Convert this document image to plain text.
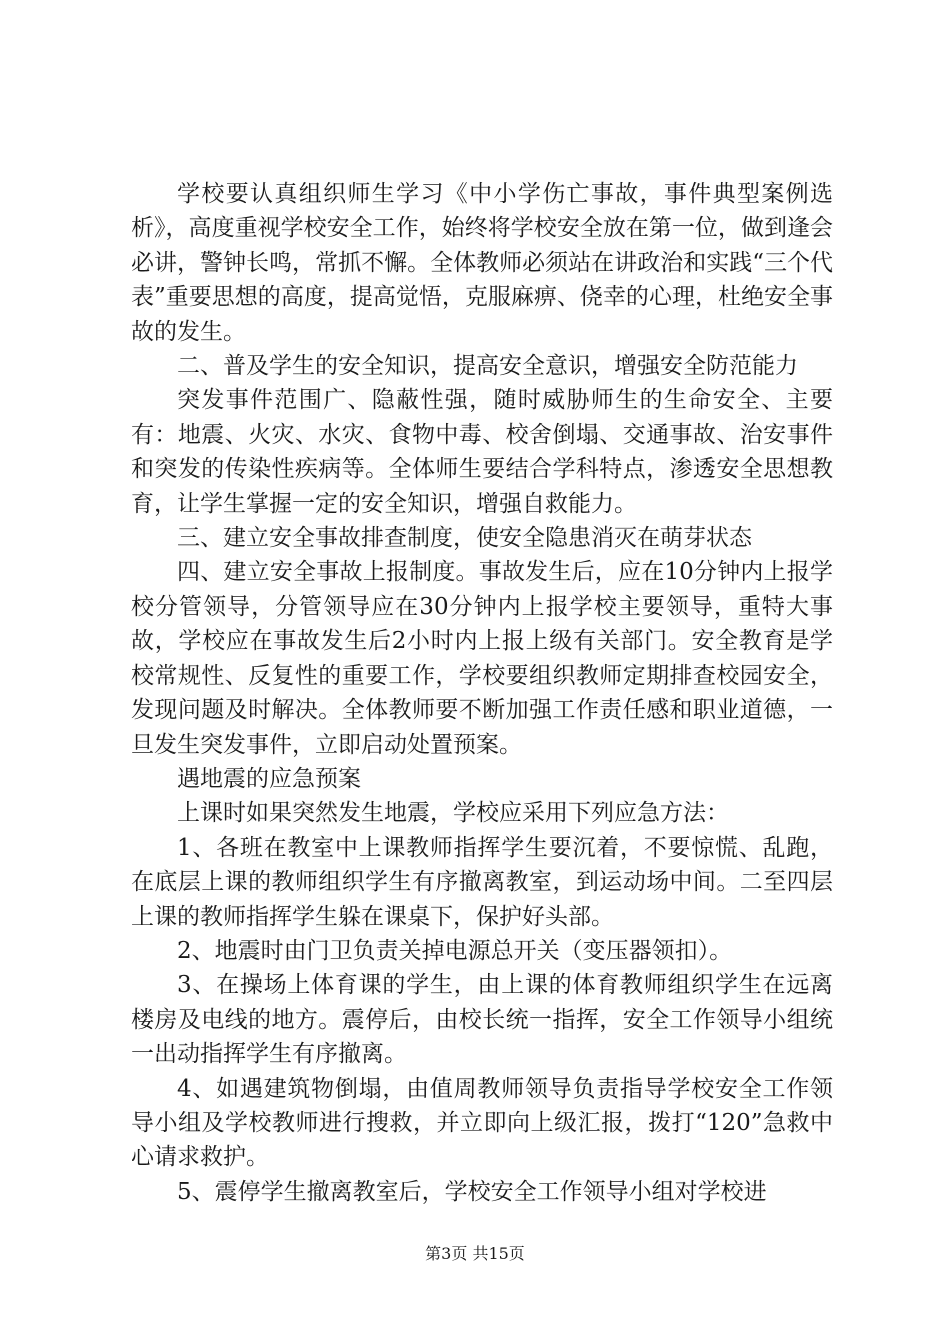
学校要认真组织师生学习《中小学伤亡事故，事件典型案例选析》，高度重视学校安全工作，始终将学校安全放在第一位，做到逢会必讲，警钟长鸣，常抓不懈。全体教师必须站在讲政治和实践“三个代表”重要思想的高度，提高觉悟，克服麻痹、侥幸的心理，杜绝安全事故的发生。

二、普及学生的安全知识，提高安全意识，增强安全防范能力

突发事件范围广、隐蔽性强，随时威胁师生的生命安全、主要有：地震、火灾、水灾、食物中毒、校舍倒塌、交通事故、治安事件和突发的传染性疾病等。全体师生要结合学科特点，渗透安全思想教育，让学生掌握一定的安全知识，增强自救能力。

三、建立安全事故排查制度，使安全隐患消灭在萌芽状态

四、建立安全事故上报制度。事故发生后，应在10分钟内上报学校分管领导，分管领导应在30分钟内上报学校主要领导，重特大事故，学校应在事故发生后2小时内上报上级有关部门。安全教育是学校常规性、反复性的重要工作，学校要组织教师定期排查校园安全，发现问题及时解决。全体教师要不断加强工作责任感和职业道德，一旦发生突发事件，立即启动处置预案。

遇地震的应急预案

上课时如果突然发生地震，学校应采用下列应急方法：

1、各班在教室中上课教师指挥学生要沉着，不要惊慌、乱跑，在底层上课的教师组织学生有序撤离教室，到运动场中间。二至四层上课的教师指挥学生躲在课桌下，保护好头部。

2、地震时由门卫负责关掉电源总开关（变压器领扣）。

3、在操场上体育课的学生，由上课的体育教师组织学生在远离楼房及电线的地方。震停后，由校长统一指挥，安全工作领导小组统一出动指挥学生有序撤离。

4、如遇建筑物倒塌，由值周教师领导负责指导学校安全工作领导小组及学校教师进行搜救，并立即向上级汇报，拨打“120”急救中心请求救护。

5、震停学生撤离教室后，学校安全工作领导小组对学校进

第3页 共15页
